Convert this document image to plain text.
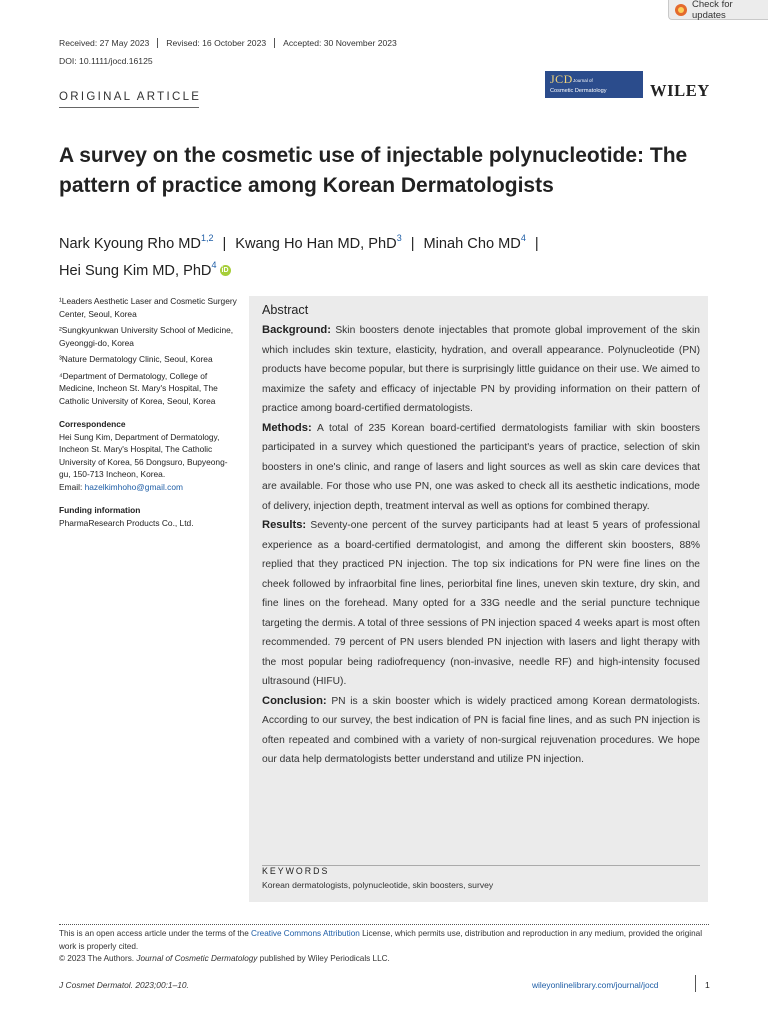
Check for updates
Received: 27 May 2023	Revised: 16 October 2023	Accepted: 30 November 2023
DOI: 10.1111/jocd.16125
ORIGINAL ARTICLE
JCD Journal of
Cosmetic Dermatology	WILEY
A survey on the cosmetic use of injectable polynucleotide: The pattern of practice among Korean Dermatologists
Nark Kyoung Rho MD$^{1,2}$ | Kwang Ho Han MD, PhD$^3$ | Minah Cho $MD^4$ |
Hei Sung Kim MD, PhD$^4$iD
¹Leaders Aesthetic Laser and Cosmetic Surgery Center, Seoul, Korea
²Sungkyunkwan University School of Medicine, Gyeonggi-do, Korea
³Nature Dermatology Clinic, Seoul, Korea
⁴Department of Dermatology, College of Medicine, Incheon St. Mary's Hospital, The Catholic University of Korea, Seoul, Korea
Correspondence
Hei Sung Kim, Department of Dermatology, Incheon St. Mary's Hospital, The Catholic University of Korea, 56 Dongsuro, Bupyeong-gu, 150-713 Incheon, Korea.
Email: hazelkimhoho@gmail.com
Funding information
PharmaResearch Products Co., Ltd.
Abstract

Background: Skin boosters denote injectables that promote global improvement of the skin which includes skin texture, elasticity, hydration, and overall appearance. Polynucleotide (PN) products have become popular, but there is surprisingly little guidance on their use. We aimed to maximize the safety and efficacy of injectable PN by providing information on their pattern of practice among board-certified dermatologists.

Methods: A total of 235 Korean board-certified dermatologists familiar with skin boosters participated in a survey which questioned the participant's years of practice, selection of skin boosters in one's clinic, and range of lasers and light sources as well as skin care devices that are available. For those who use PN, one was asked to check all its aesthetic indications, mode of delivery, injection depth, treatment interval as well as options for combined therapy.

Results: Seventy-one percent of the survey participants had at least 5 years of professional experience as a board-certified dermatologist, and among the different skin boosters, 88% replied that they practiced PN injection. The top six indications for PN were fine lines on the cheek followed by infraorbital fine lines, periorbital fine lines, uneven skin texture, dry skin, and fine lines on the forehead. Many opted for a 33G needle and the serial puncture technique targeting the dermis. A total of three sessions of PN injection spaced 4 weeks apart is most often recommended. 79 percent of PN users blended PN injection with lasers and light therapy with the most popular being radiofrequency (non-invasive, needle RF) and high-intensity focused ultrasound (HIFU).

Conclusion: PN is a skin booster which is widely practiced among Korean dermatologists. According to our survey, the best indication of PN is facial fine lines, and as such PN injection is often repeated and combined with a variety of non-surgical rejuvenation procedures. We hope our data help dermatologists better understand and utilize PN injection.

KEYWORDS
Korean dermatologists, polynucleotide, skin boosters, survey
This is an open access article under the terms of the Creative Commons Attribution License, which permits use, distribution and reproduction in any medium, provided the original work is properly cited.
© 2023 The Authors. Journal of Cosmetic Dermatology published by Wiley Periodicals LLC.
J Cosmet Dermatol. 2023;00:1–10.	wileyonlinelibrary.com/journal/jocd	1
